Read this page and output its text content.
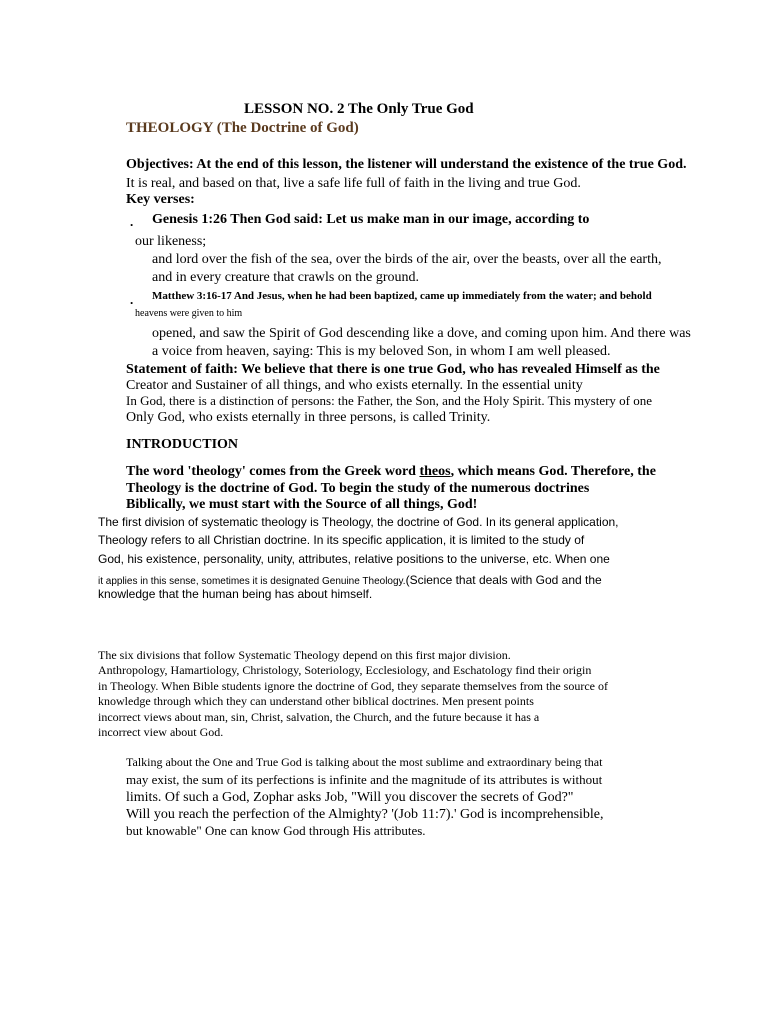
LESSON NO. 2 The Only True God
THEOLOGY (The Doctrine of God)
Objectives: At the end of this lesson, the listener will understand the existence of the true God.
It is real, and based on that, live a safe life full of faith in the living and true God.
Key verses:
. Genesis 1:26 Then God said: Let us make man in our image, according to
our likeness;
and lord over the fish of the sea, over the birds of the air, over the beasts, over all the earth,
and in every creature that crawls on the ground.
. Matthew 3:16-17 And Jesus, when he had been baptized, came up immediately from the water; and behold
heavens were given to him
opened, and saw the Spirit of God descending like a dove, and coming upon him. And there was
a voice from heaven, saying: This is my beloved Son, in whom I am well pleased.
Statement of faith: We believe that there is one true God, who has revealed Himself as the
Creator and Sustainer of all things, and who exists eternally. In the essential unity
In God, there is a distinction of persons: the Father, the Son, and the Holy Spirit. This mystery of one
Only God, who exists eternally in three persons, is called Trinity.
INTRODUCTION
The word 'theology' comes from the Greek word theos, which means God. Therefore, the
Theology is the doctrine of God. To begin the study of the numerous doctrines
Biblically, we must start with the Source of all things, God!
The first division of systematic theology is Theology, the doctrine of God. In its general application,
Theology refers to all Christian doctrine. In its specific application, it is limited to the study of
God, his existence, personality, unity, attributes, relative positions to the universe, etc. When one
it applies in this sense, sometimes it is designated Genuine Theology.(Science that deals with God and the
knowledge that the human being has about himself.
The six divisions that follow Systematic Theology depend on this first major division.
Anthropology, Hamartiology, Christology, Soteriology, Ecclesiology, and Eschatology find their origin
in Theology. When Bible students ignore the doctrine of God, they separate themselves from the source of
knowledge through which they can understand other biblical doctrines. Men present points
incorrect views about man, sin, Christ, salvation, the Church, and the future because it has a
incorrect view about God.
Talking about the One and True God is talking about the most sublime and extraordinary being that
may exist, the sum of its perfections is infinite and the magnitude of its attributes is without
limits. Of such a God, Zophar asks Job, "Will you discover the secrets of God?"
Will you reach the perfection of the Almighty? '(Job 11:7).' God is incomprehensible,
but knowable" One can know God through His attributes.
